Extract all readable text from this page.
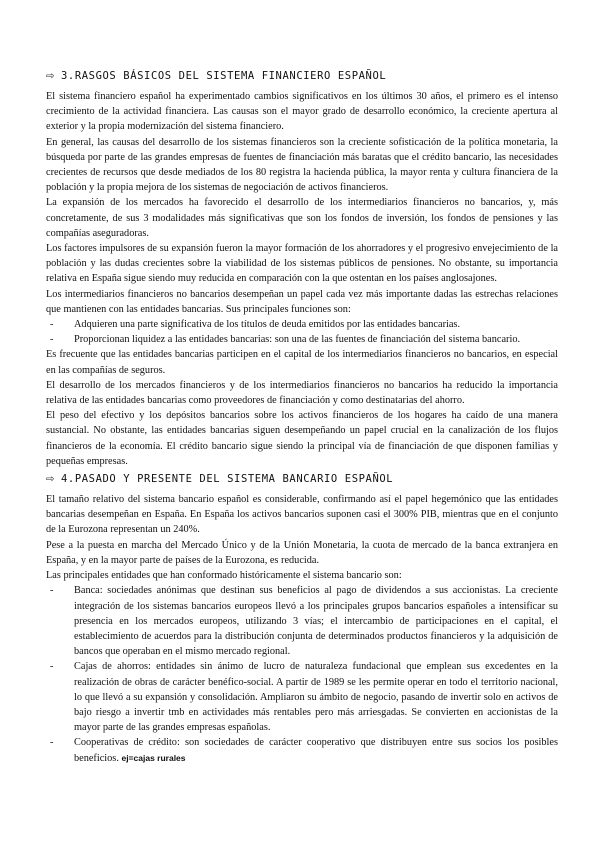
⇨ 3.RASGOS BÁSICOS DEL SISTEMA FINANCIERO ESPAÑOL

El sistema financiero español ha experimentado cambios significativos en los últimos 30 años, el primero es el intenso crecimiento de la actividad financiera. Las causas son el mayor grado de desarrollo económico, la creciente apertura al exterior y la propia modernización del sistema financiero.

En general, las causas del desarrollo de los sistemas financieros son la creciente sofisticación de la política monetaria, la búsqueda por parte de las grandes empresas de fuentes de financiación más baratas que el crédito bancario, las necesidades crecientes de recursos que desde mediados de los 80 registra la hacienda pública, la mayor renta y cultura financiera de la población y la propia mejora de los sistemas de negociación de activos financieros.

La expansión de los mercados ha favorecido el desarrollo de los intermediarios financieros no bancarios, y, más concretamente, de sus 3 modalidades más significativas que son los fondos de inversión, los fondos de pensiones y las compañías aseguradoras.

Los factores impulsores de su expansión fueron la mayor formación de los ahorradores y el progresivo envejecimiento de la población y las dudas crecientes sobre la viabilidad de los sistemas públicos de pensiones. No obstante, su importancia relativa en España sigue siendo muy reducida en comparación con la que ostentan en los países anglosajones.

Los intermediarios financieros no bancarios desempeñan un papel cada vez más importante dadas las estrechas relaciones que mantienen con las entidades bancarias. Sus principales funciones son:

- Adquieren una parte significativa de los títulos de deuda emitidos por las entidades bancarias.
- Proporcionan liquidez a las entidades bancarias: son una de las fuentes de financiación del sistema bancario.

Es frecuente que las entidades bancarias participen en el capital de los intermediarios financieros no bancarios, en especial en las compañías de seguros.

El desarrollo de los mercados financieros y de los intermediarios financieros no bancarios ha reducido la importancia relativa de las entidades bancarias como proveedores de financiación y como destinatarias del ahorro.

El peso del efectivo y los depósitos bancarios sobre los activos financieros de los hogares ha caído de una manera sustancial. No obstante, las entidades bancarias siguen desempeñando un papel crucial en la canalización de los flujos financieros de la economía. El crédito bancario sigue siendo la principal vía de financiación de que disponen familias y pequeñas empresas.

⇨ 4.PASADO Y PRESENTE DEL SISTEMA BANCARIO ESPAÑOL

El tamaño relativo del sistema bancario español es considerable, confirmando así el papel hegemónico que las entidades bancarias desempeñan en España. En España los activos bancarios suponen casi el 300% PIB, mientras que en el conjunto de la Eurozona representan un 240%.

Pese a la puesta en marcha del Mercado Único y de la Unión Monetaria, la cuota de mercado de la banca extranjera en España, y en la mayor parte de países de la Eurozona, es reducida.

Las principales entidades que han conformado históricamente el sistema bancario son:

- Banca: sociedades anónimas que destinan sus beneficios al pago de dividendos a sus accionistas. La creciente integración de los sistemas bancarios europeos llevó a los principales grupos bancarios españoles a intensificar su presencia en los mercados europeos, utilizando 3 vías; el intercambio de participaciones en el capital, el establecimiento de acuerdos para la distribución conjunta de determinados productos financieros y la adquisición de bancos que operaban en el mismo mercado regional.
- Cajas de ahorros: entidades sin ánimo de lucro de naturaleza fundacional que emplean sus excedentes en la realización de obras de carácter benéfico-social. A partir de 1989 se les permite operar en todo el territorio nacional, lo que llevó a su expansión y consolidación. Ampliaron su ámbito de negocio, pasando de invertir solo en activos de bajo riesgo a invertir tmb en actividades más rentables pero más arriesgadas. Se convierten en accionistas de la mayor parte de las grandes empresas españolas.
- Cooperativas de crédito: son sociedades de carácter cooperativo que distribuyen entre sus socios los posibles beneficios. ej=cajas rurales
